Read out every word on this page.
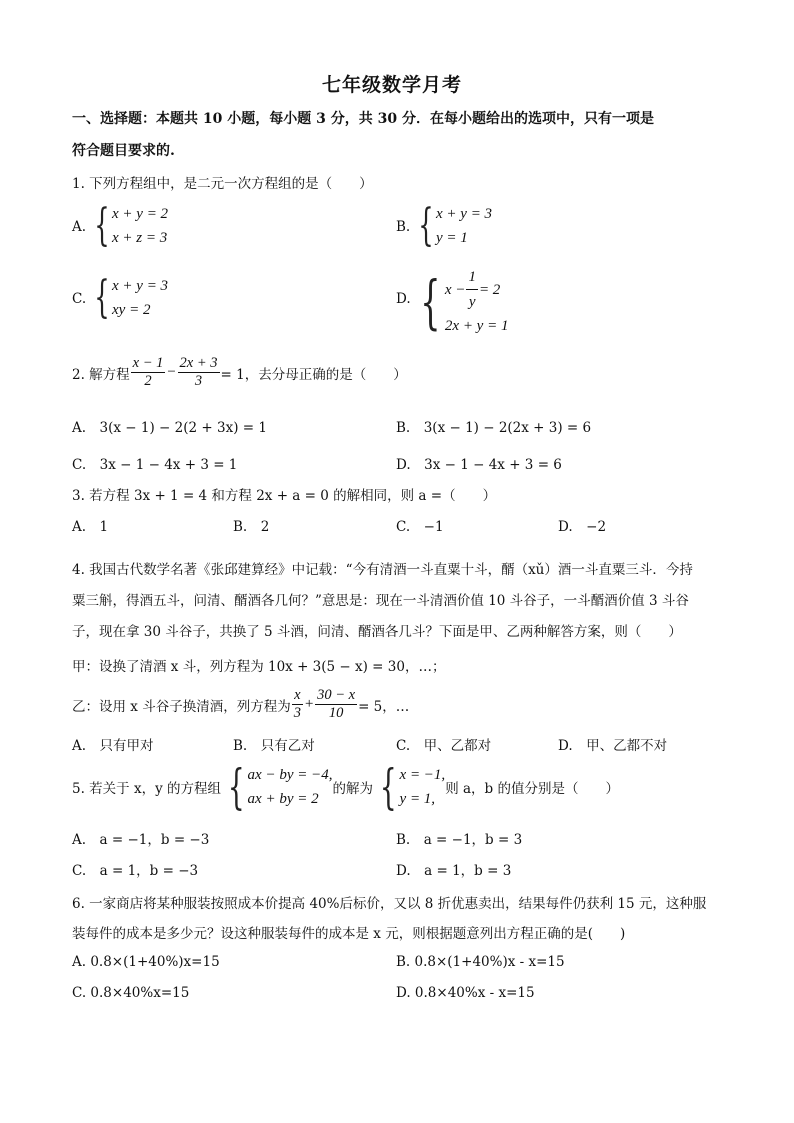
七年级数学月考
一、选择题：本题共 10 小题，每小题 3 分，共 30 分．在每小题给出的选项中，只有一项是
符合题目要求的.
1. 下列方程组中，是二元一次方程组的是（　　）
A. { x + y = 2
x + z = 3
B. { x + y = 3
y = 1
C. { x + y = 3
xy = 2
D. { $x - \frac{1}{y} = 2$
2x + y = 1
2. 解方程 $\frac{x - 1}{2} - \frac{2x + 3}{3} = 1$，去分母正确的是（　　）
A.　3(x − 1) − 2(2 + 3x) = 1	B.　3(x − 1) − 2(2x + 3) = 6
C.　3x − 1 − 4x + 3 = 1	D.　3x − 1 − 4x + 3 = 6
3. 若方程 3x + 1 = 4 和方程 2x + a = 0 的解相同，则 a =（　　）
A.　1	B.　2	C.　−1	D.　−2
4. 我国古代数学名著《张邱建算经》中记载：“今有清酒一斗直粟十斗，醑（xǔ）酒一斗直粟三斗．今持
粟三斛，得酒五斗，问清、醑酒各几何？”意思是：现在一斗清酒价值 10 斗谷子，一斗醑酒价值 3 斗谷
子，现在拿 30 斗谷子，共换了 5 斗酒，问清、醑酒各几斗？下面是甲、乙两种解答方案，则（　　）
甲：设换了清酒 x 斗，列方程为 10x + 3(5 − x) = 30，…；
乙：设用 x 斗谷子换清酒，列方程为 $\frac{x}{3} + \frac{30 - x}{10} = 5$，…
A.　只有甲对	B.　只有乙对	C.　甲、乙都对	D.　甲、乙都不对
5. 若关于 x，y 的方程组 { ax − by = −4,
ax + by = 2
的解为 { x = −1,
y = 1,
则 a，b 的值分别是（　　）
A.　a = −1，b = −3	B.　a = −1，b = 3
C.　a = 1，b = −3	D.　a = 1，b = 3
6. 一家商店将某种服装按照成本价提高 40%后标价，又以 8 折优惠卖出，结果每件仍获利 15 元，这种服
装每件的成本是多少元？设这种服装每件的成本是 x 元，则根据题意列出方程正确的是(　　)
A. 0.8×(1+40%)x=15	B. 0.8×(1+40%)x - x=15
C. 0.8×40%x=15	D. 0.8×40%x - x=15
